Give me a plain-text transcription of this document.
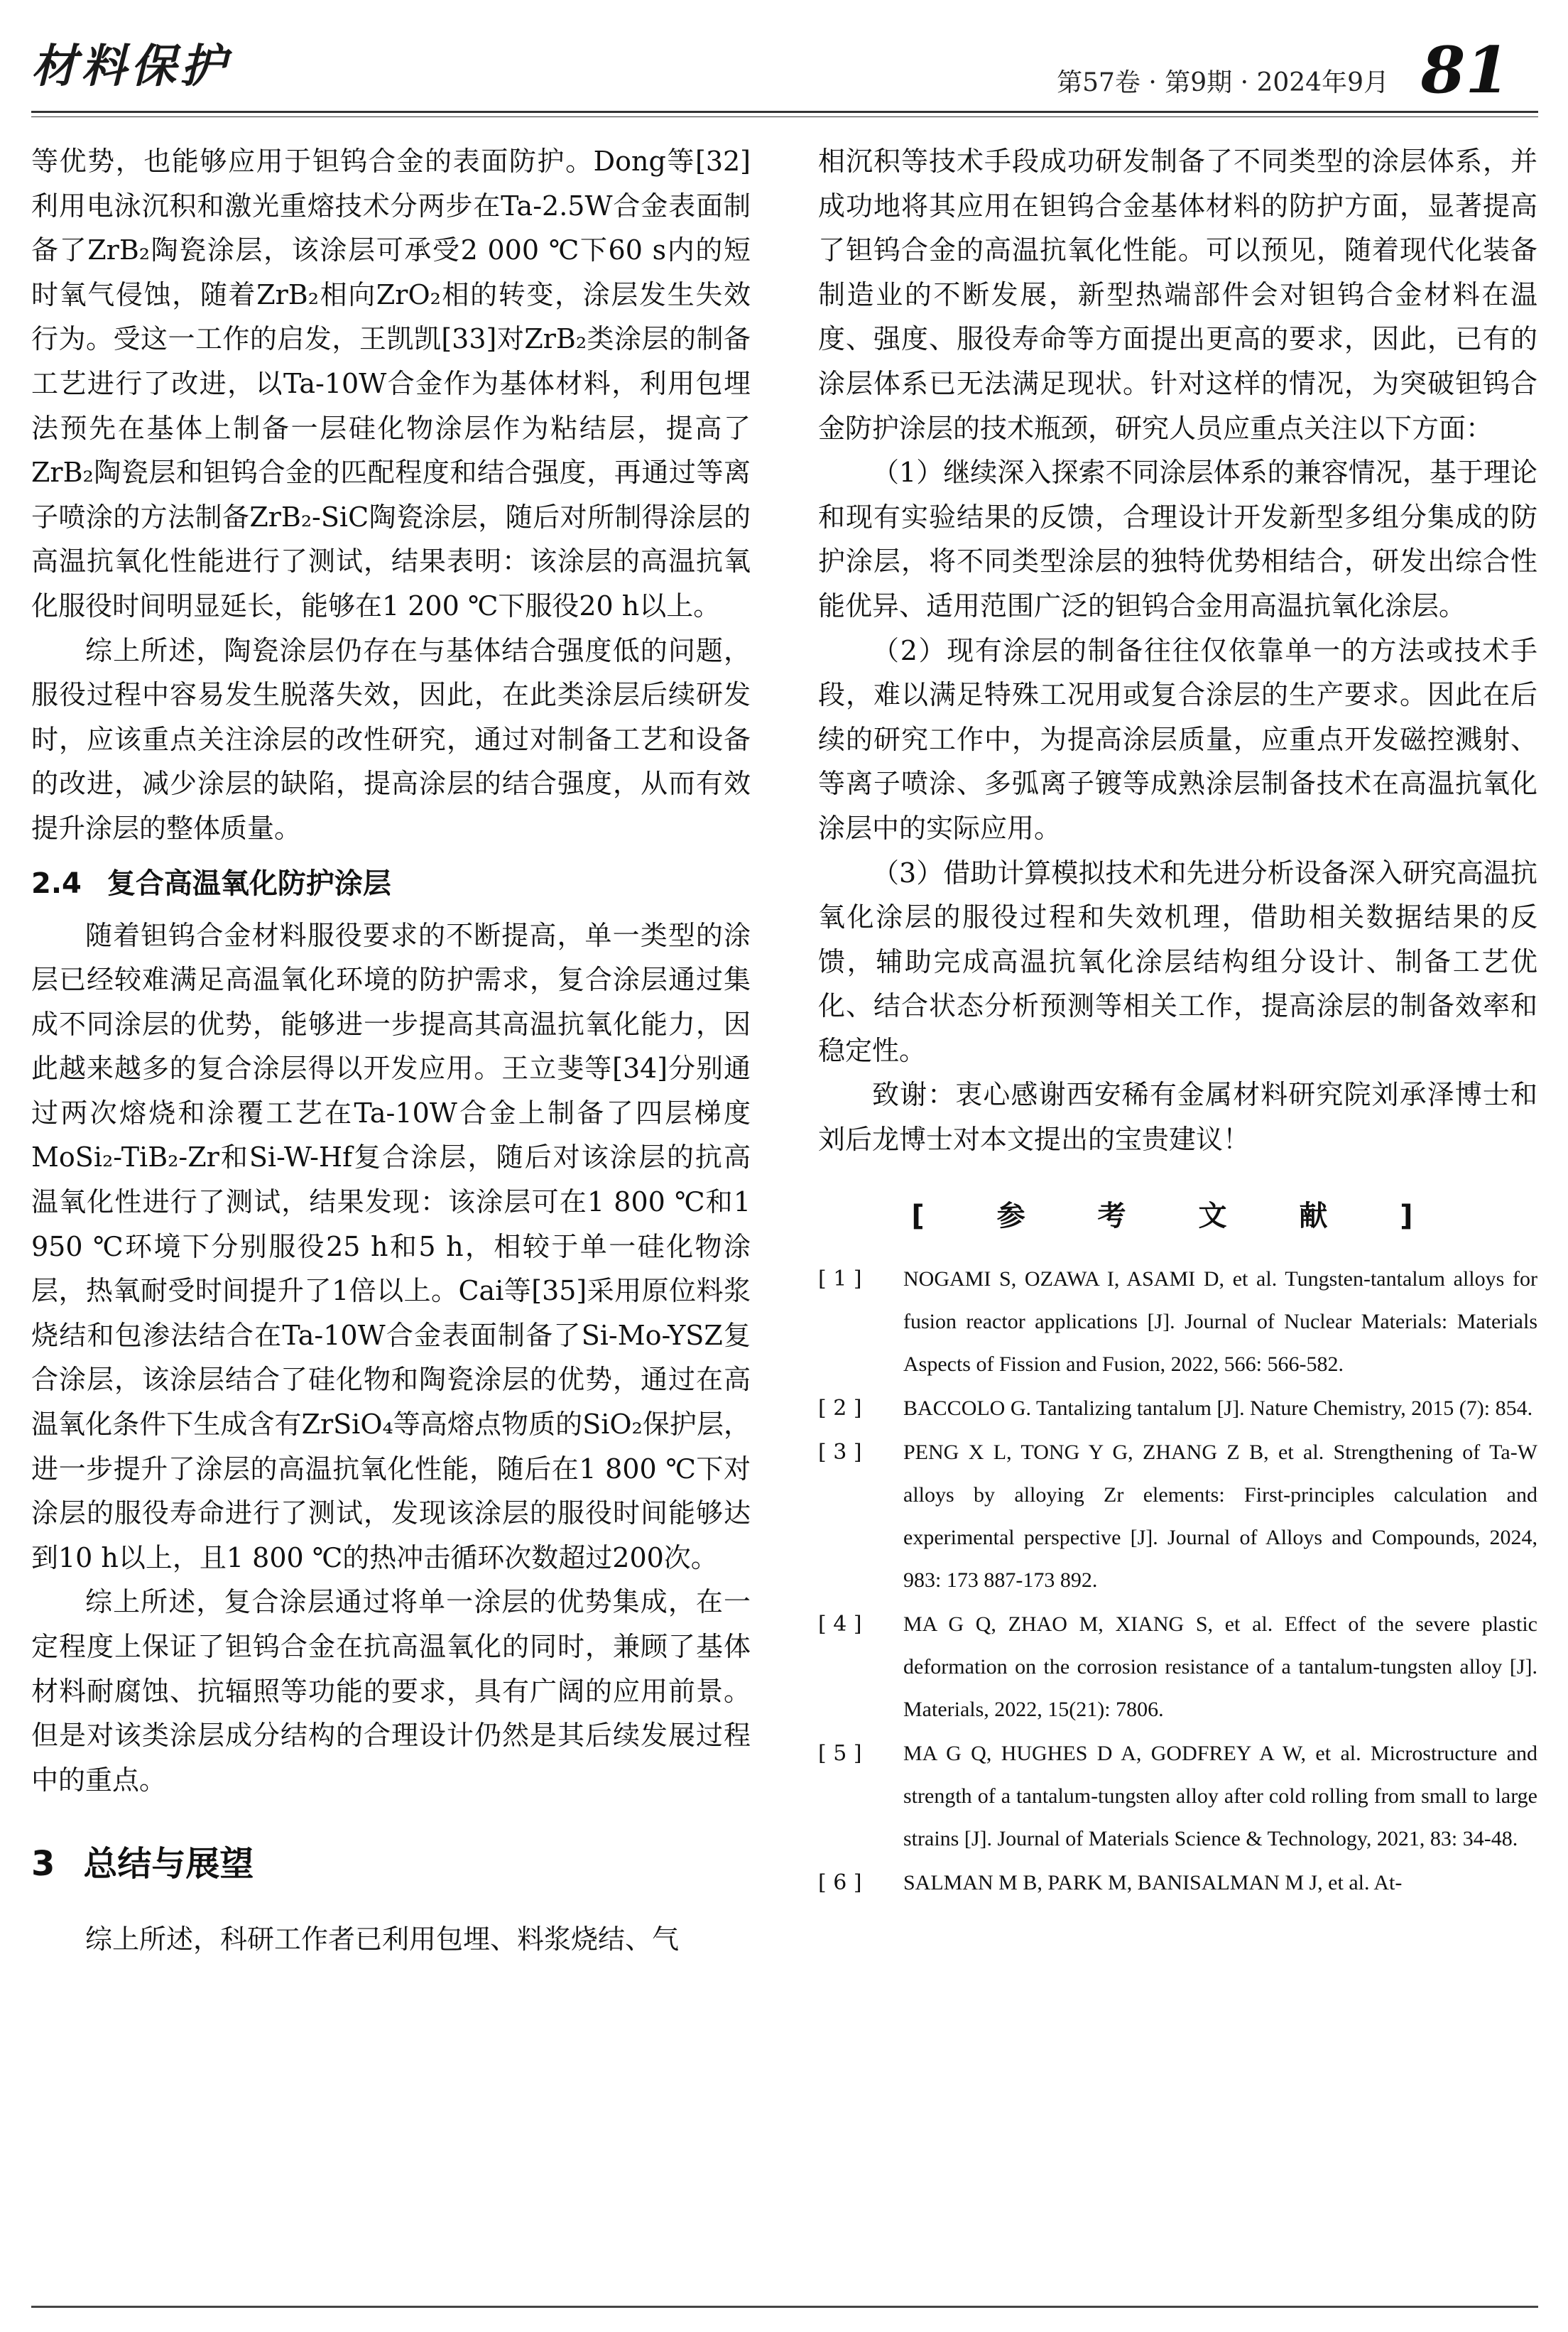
材料保护	第57卷 · 第9期 · 2024年9月 81

等优势，也能够应用于钽钨合金的表面防护。Dong等[32]利用电泳沉积和激光重熔技术分两步在Ta-2.5W合金表面制备了ZrB₂陶瓷涂层，该涂层可承受2 000 ℃下60 s内的短时氧气侵蚀，随着ZrB₂相向ZrO₂相的转变，涂层发生失效行为。受这一工作的启发，王凯凯[33]对ZrB₂类涂层的制备工艺进行了改进，以Ta-10W合金作为基体材料，利用包埋法预先在基体上制备一层硅化物涂层作为粘结层，提高了ZrB₂陶瓷层和钽钨合金的匹配程度和结合强度，再通过等离子喷涂的方法制备ZrB₂-SiC陶瓷涂层，随后对所制得涂层的高温抗氧化性能进行了测试，结果表明：该涂层的高温抗氧化服役时间明显延长，能够在1 200 ℃下服役20 h以上。

综上所述，陶瓷涂层仍存在与基体结合强度低的问题，服役过程中容易发生脱落失效，因此，在此类涂层后续研发时，应该重点关注涂层的改性研究，通过对制备工艺和设备的改进，减少涂层的缺陷，提高涂层的结合强度，从而有效提升涂层的整体质量。

2.4 复合高温氧化防护涂层

随着钽钨合金材料服役要求的不断提高，单一类型的涂层已经较难满足高温氧化环境的防护需求，复合涂层通过集成不同涂层的优势，能够进一步提高其高温抗氧化能力，因此越来越多的复合涂层得以开发应用。王立斐等[34]分别通过两次熔烧和涂覆工艺在Ta-10W合金上制备了四层梯度MoSi₂-TiB₂-Zr和Si-W-Hf复合涂层，随后对该涂层的抗高温氧化性进行了测试，结果发现：该涂层可在1 800 ℃和1 950 ℃环境下分别服役25 h和5 h，相较于单一硅化物涂层，热氧耐受时间提升了1倍以上。Cai等[35]采用原位料浆烧结和包渗法结合在Ta-10W合金表面制备了Si-Mo-YSZ复合涂层，该涂层结合了硅化物和陶瓷涂层的优势，通过在高温氧化条件下生成含有ZrSiO₄等高熔点物质的SiO₂保护层，进一步提升了涂层的高温抗氧化性能，随后在1 800 ℃下对涂层的服役寿命进行了测试，发现该涂层的服役时间能够达到10 h以上，且1 800 ℃的热冲击循环次数超过200次。

综上所述，复合涂层通过将单一涂层的优势集成，在一定程度上保证了钽钨合金在抗高温氧化的同时，兼顾了基体材料耐腐蚀、抗辐照等功能的要求，具有广阔的应用前景。但是对该类涂层成分结构的合理设计仍然是其后续发展过程中的重点。

3 总结与展望

综上所述，科研工作者已利用包埋、料浆烧结、气

相沉积等技术手段成功研发制备了不同类型的涂层体系，并成功地将其应用在钽钨合金基体材料的防护方面，显著提高了钽钨合金的高温抗氧化性能。可以预见，随着现代化装备制造业的不断发展，新型热端部件会对钽钨合金材料在温度、强度、服役寿命等方面提出更高的要求，因此，已有的涂层体系已无法满足现状。针对这样的情况，为突破钽钨合金防护涂层的技术瓶颈，研究人员应重点关注以下方面：

（1）继续深入探索不同涂层体系的兼容情况，基于理论和现有实验结果的反馈，合理设计开发新型多组分集成的防护涂层，将不同类型涂层的独特优势相结合，研发出综合性能优异、适用范围广泛的钽钨合金用高温抗氧化涂层。

（2）现有涂层的制备往往仅依靠单一的方法或技术手段，难以满足特殊工况用或复合涂层的生产要求。因此在后续的研究工作中，为提高涂层质量，应重点开发磁控溅射、等离子喷涂、多弧离子镀等成熟涂层制备技术在高温抗氧化涂层中的实际应用。

（3）借助计算模拟技术和先进分析设备深入研究高温抗氧化涂层的服役过程和失效机理，借助相关数据结果的反馈，辅助完成高温抗氧化涂层结构组分设计、制备工艺优化、结合状态分析预测等相关工作，提高涂层的制备效率和稳定性。

致谢：衷心感谢西安稀有金属材料研究院刘承泽博士和刘后龙博士对本文提出的宝贵建议！

[ 参 考 文 献 ]
[ 1 ]	NOGAMI S, OZAWA I, ASAMI D, et al. Tungsten-tantalum alloys for fusion reactor applications [J]. Journal of Nuclear Materials: Materials Aspects of Fission and Fusion, 2022, 566: 566-582.
[ 2 ]	BACCOLO G. Tantalizing tantalum [J]. Nature Chemistry, 2015 (7): 854.
[ 3 ]	PENG X L, TONG Y G, ZHANG Z B, et al. Strengthening of Ta-W alloys by alloying Zr elements: First-principles calculation and experimental perspective [J]. Journal of Alloys and Compounds, 2024, 983: 173 887-173 892.
[ 4 ]	MA G Q, ZHAO M, XIANG S, et al. Effect of the severe plastic deformation on the corrosion resistance of a tantalum-tungsten alloy [J]. Materials, 2022, 15(21): 7806.
[ 5 ]	MA G Q, HUGHES D A, GODFREY A W, et al. Microstructure and strength of a tantalum-tungsten alloy after cold rolling from small to large strains [J]. Journal of Materials Science & Technology, 2021, 83: 34-48.
[ 6 ]	SALMAN M B, PARK M, BANISALMAN M J, et al. At-
